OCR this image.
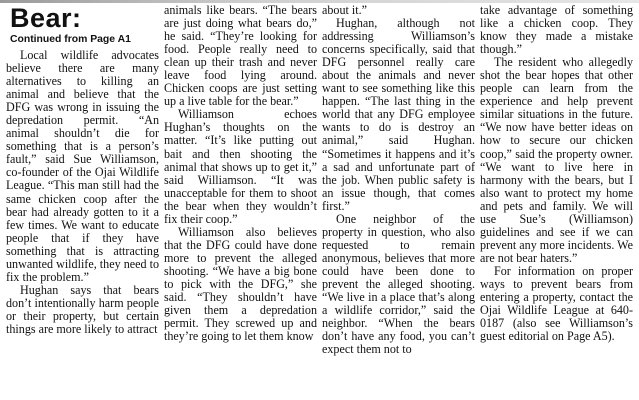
Bear:
Continued from Page A1

Local wildlife advocates believe there are many alternatives to killing an animal and believe that the DFG was wrong in issuing the depredation permit. “An animal shouldn’t die for something that is a person’s fault,” said Sue Williamson, co-founder of the Ojai Wildlife League. “This man still had the same chicken coop after the bear had already gotten to it a few times. We want to educate people that if they have something that is attracting unwanted wildlife, they need to fix the problem.”

Hughan says that bears don’t intentionally harm people or their property, but certain things are more likely to attract

animals like bears. “The bears are just doing what bears do,” he said. “They’re looking for food. People really need to clean up their trash and never leave food lying around. Chicken coops are just setting up a live table for the bear.”

Williamson echoes Hughan’s thoughts on the matter. “It’s like putting out bait and then shooting the animal that shows up to get it,” said Williamson. “It was unacceptable for them to shoot the bear when they wouldn’t fix their coop.”

Williamson also believes that the DFG could have done more to prevent the alleged shooting. “We have a big bone to pick with the DFG,” she said. “They shouldn’t have given them a depredation permit. They screwed up and they’re going to let them know

about it.”

Hughan, although not addressing Williamson’s concerns specifically, said that DFG personnel really care about the animals and never want to see something like this happen. “The last thing in the world that any DFG employee wants to do is destroy an animal,” said Hughan. “Sometimes it happens and it’s a sad and unfortunate part of the job. When public safety is an issue though, that comes first.”

One neighbor of the property in question, who also requested to remain anonymous, believes that more could have been done to prevent the alleged shooting. “We live in a place that’s along a wildlife corridor,” said the neighbor. “When the bears don’t have any food, you can’t expect them not to

take advantage of something like a chicken coop. They know they made a mistake though.”

The resident who allegedly shot the bear hopes that other people can learn from the experience and help prevent similar situations in the future. “We now have better ideas on how to secure our chicken coop,” said the property owner. “We want to live here in harmony with the bears, but I also want to protect my home and pets and family. We will use Sue’s (Williamson) guidelines and see if we can prevent any more incidents. We are not bear haters.”

For information on proper ways to prevent bears from entering a property, contact the Ojai Wildlife League at 640-0187 (also see Williamson’s guest editorial on Page A5).
